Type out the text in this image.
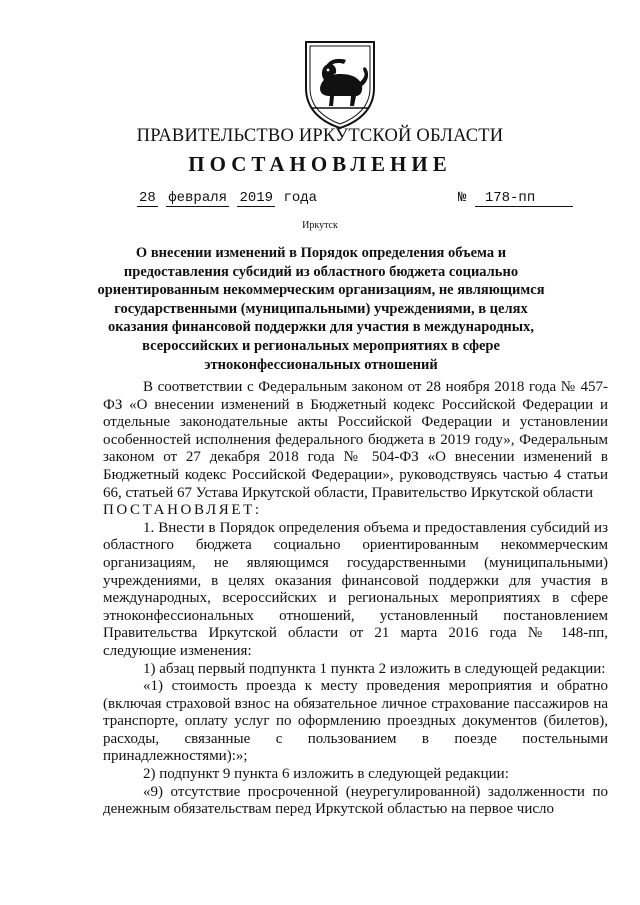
ПРАВИТЕЛЬСТВО ИРКУТСКОЙ ОБЛАСТИ
ПОСТАНОВЛЕНИЕ
28 февраля 2019 года	№ 178-пп
Иркутск
О внесении изменений в Порядок определения объема и предоставления субсидий из областного бюджета социально ориентированным некоммерческим организациям, не являющимся государственными (муниципальными) учреждениями, в целях оказания финансовой поддержки для участия в международных, всероссийских и региональных мероприятиях в сфере этноконфессиональных отношений

В соответствии с Федеральным законом от 28 ноября 2018 года № 457-ФЗ «О внесении изменений в Бюджетный кодекс Российской Федерации и отдельные законодательные акты Российской Федерации и установлении особенностей исполнения федерального бюджета в 2019 году», Федеральным законом от 27 декабря 2018 года № 504-ФЗ «О внесении изменений в Бюджетный кодекс Российской Федерации», руководствуясь частью 4 статьи 66, статьей 67 Устава Иркутской области, Правительство Иркутской области

ПОСТАНОВЛЯЕТ:

1. Внести в Порядок определения объема и предоставления субсидий из областного бюджета социально ориентированным некоммерческим организациям, не являющимся государственными (муниципальными) учреждениями, в целях оказания финансовой поддержки для участия в международных, всероссийских и региональных мероприятиях в сфере этноконфессиональных отношений, установленный постановлением Правительства Иркутской области от 21 марта 2016 года № 148-пп, следующие изменения:

1) абзац первый подпункта 1 пункта 2 изложить в следующей редакции:

«1) стоимость проезда к месту проведения мероприятия и обратно (включая страховой взнос на обязательное личное страхование пассажиров на транспорте, оплату услуг по оформлению проездных документов (билетов), расходы, связанные с пользованием в поезде постельными принадлежностями):»;

2) подпункт 9 пункта 6 изложить в следующей редакции:

«9) отсутствие просроченной (неурегулированной) задолженности по денежным обязательствам перед Иркутской областью на первое число
